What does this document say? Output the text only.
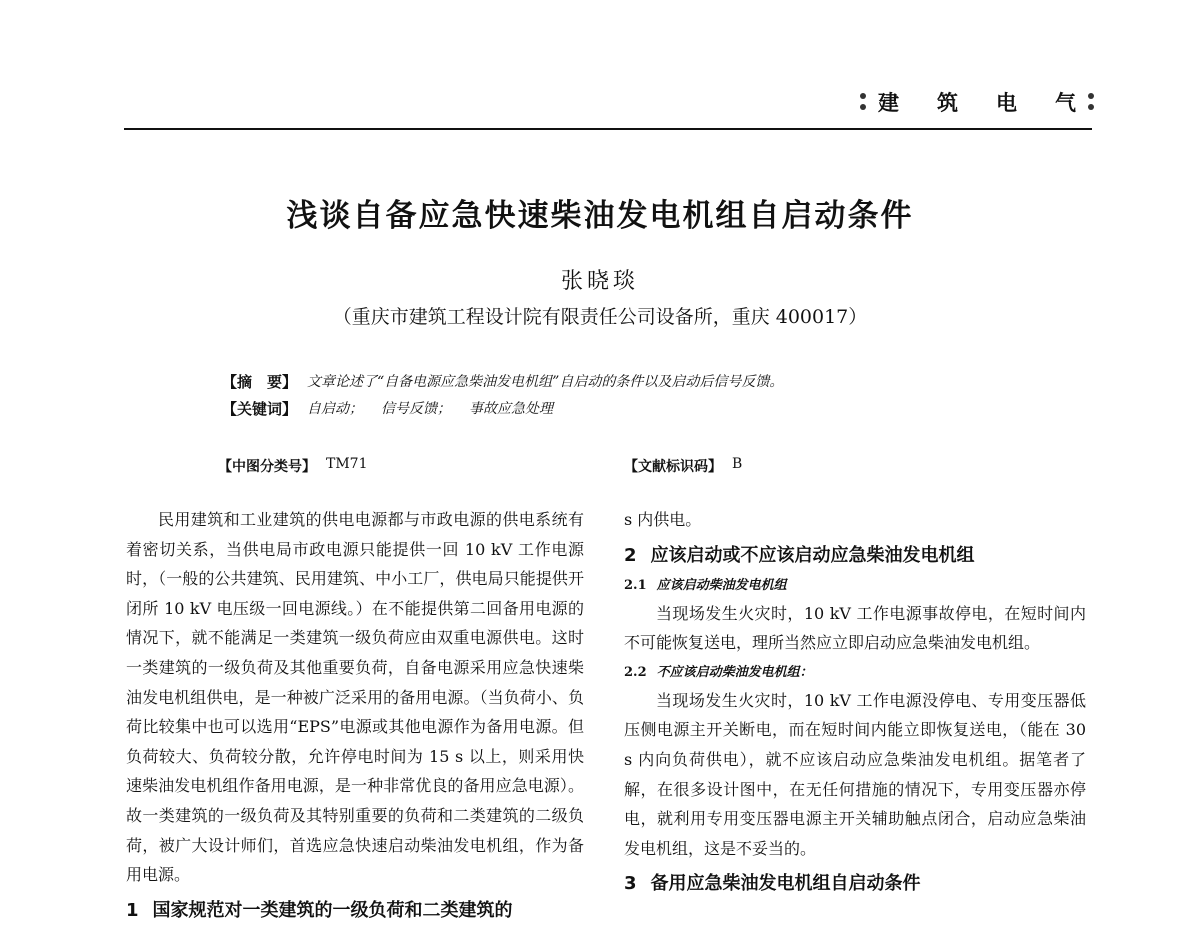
建 筑 电 气
浅谈自备应急快速柴油发电机组自启动条件
张晓琰
（重庆市建筑工程设计院有限责任公司设备所，重庆 400017）
【摘　要】 文章论述了“自备电源应急柴油发电机组”自启动的条件以及启动后信号反馈。
【关键词】 自启动； 信号反馈； 事故应急处理
【中图分类号】 TM71	【文献标识码】 B

民用建筑和工业建筑的供电电源都与市政电源的供电系统有着密切关系，当供电局市政电源只能提供一回 10 kV 工作电源时，（一般的公共建筑、民用建筑、中小工厂，供电局只能提供开闭所 10 kV 电压级一回电源线。）在不能提供第二回备用电源的情况下，就不能满足一类建筑一级负荷应由双重电源供电。这时一类建筑的一级负荷及其他重要负荷，自备电源采用应急快速柴油发电机组供电，是一种被广泛采用的备用电源。（当负荷小、负荷比较集中也可以选用“EPS”电源或其他电源作为备用电源。但负荷较大、负荷较分散，允许停电时间为 15 s 以上，则采用快速柴油发电机组作备用电源，是一种非常优良的备用应急电源）。故一类建筑的一级负荷及其特别重要的负荷和二类建筑的二级负荷，被广大设计师们，首选应急快速启动柴油发电机组，作为备用电源。

1 国家规范对一类建筑的一级负荷和二类建筑的

s 内供电。

2 应该启动或不应该启动应急柴油发电机组
2.1 应该启动柴油发电机组

当现场发生火灾时，10 kV 工作电源事故停电，在短时间内不可能恢复送电，理所当然应立即启动应急柴油发电机组。

2.2 不应该启动柴油发电机组：

当现场发生火灾时，10 kV 工作电源没停电、专用变压器低压侧电源主开关断电，而在短时间内能立即恢复送电，（能在 30 s 内向负荷供电），就不应该启动应急柴油发电机组。据笔者了解，在很多设计图中，在无任何措施的情况下，专用变压器亦停电，就利用专用变压器电源主开关辅助触点闭合，启动应急柴油发电机组，这是不妥当的。

3 备用应急柴油发电机组自启动条件
